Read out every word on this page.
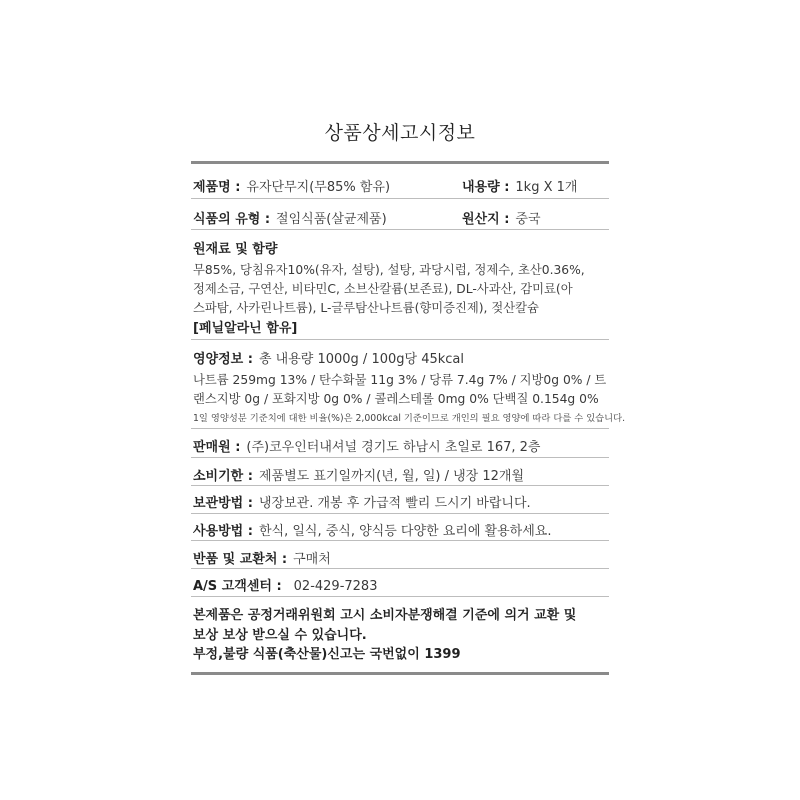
상품상세고시정보
제품명 : 유자단무지(무85% 함유)	내용량 : 1kg X 1개
식품의 유형 : 절임식품(살균제품)	원산지 : 중국
원재료 및 함량
무85%, 당침유자10%(유자, 설탕), 설탕, 과당시럽, 정제수, 초산0.36%,
정제소금, 구연산, 비타민C, 소브산칼륨(보존료), DL-사과산, 감미료(아
스파탐, 사카린나트륨), L-글루탐산나트륨(향미증진제), 젖산칼슘
[페닐알라닌 함유]
영양정보 : 총 내용량 1000g / 100g당 45kcal
나트륨 259mg 13% / 탄수화물 11g 3% / 당류 7.4g 7% / 지방0g 0% / 트
랜스지방 0g / 포화지방 0g 0% / 콜레스테롤 0mg 0% 단백질 0.154g 0%
1일 영양성분 기준치에 대한 비율(%)은 2,000kcal 기준이므로 개인의 필요 영양에 따라 다를 수 있습니다.
판매원 : (주)코우인터내셔널 경기도 하남시 초일로 167, 2층
소비기한 : 제품별도 표기일까지(년, 월, 일) / 냉장 12개월
보관방법 : 냉장보관. 개봉 후 가급적 빨리 드시기 바랍니다.
사용방법 : 한식, 일식, 중식, 양식등 다양한 요리에 활용하세요.
반품 및 교환처 : 구매처
A/S 고객센터 : 02-429-7283
본제품은 공정거래위원회 고시 소비자분쟁해결 기준에 의거 교환 및
보상 보상 받으실 수 있습니다.
부정,불량 식품(축산물)신고는 국번없이 1399
